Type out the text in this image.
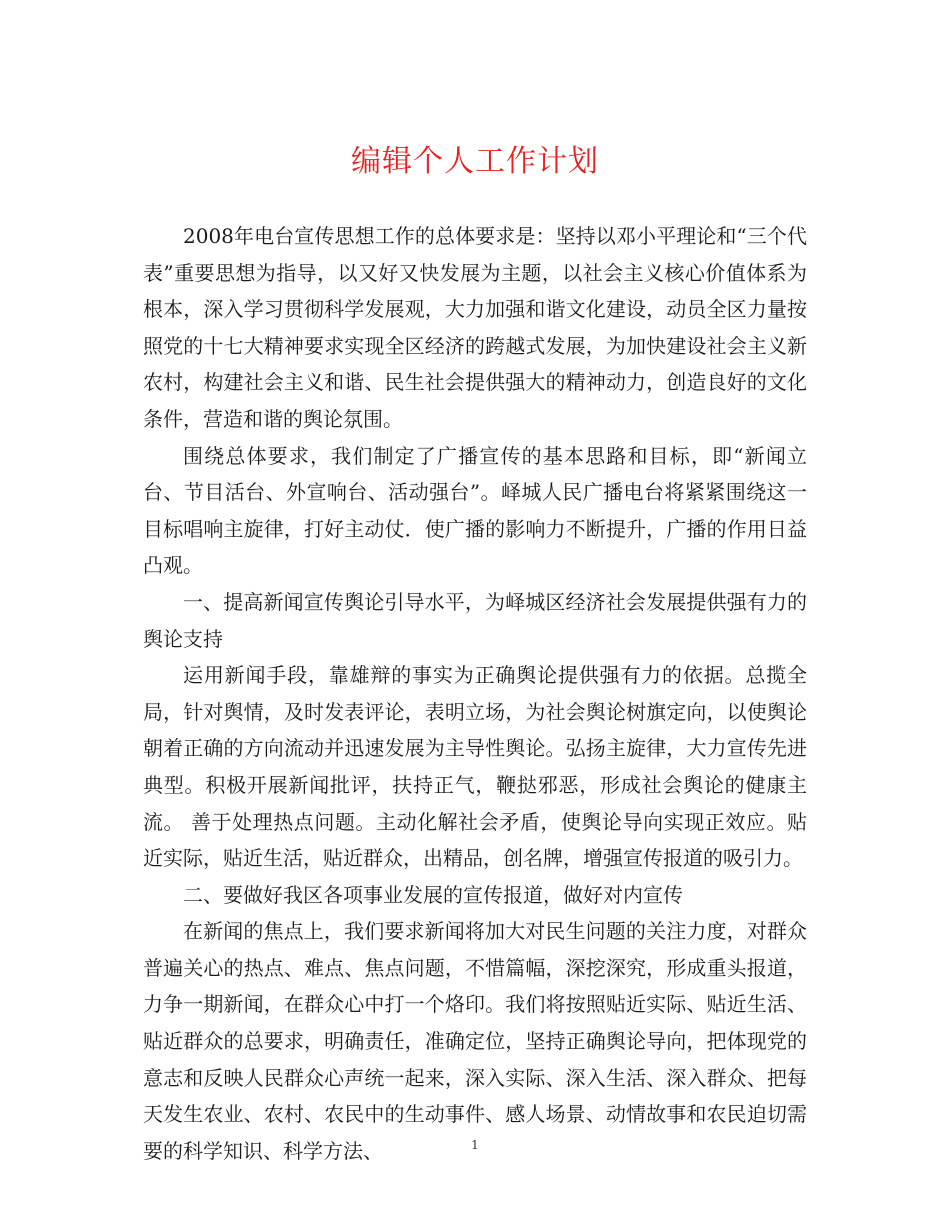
编辑个人工作计划

2008年电台宣传思想工作的总体要求是：坚持以邓小平理论和“三个代表”重要思想为指导，以又好又快发展为主题，以社会主义核心价值体系为根本，深入学习贯彻科学发展观，大力加强和谐文化建设，动员全区力量按照党的十七大精神要求实现全区经济的跨越式发展，为加快建设社会主义新农村，构建社会主义和谐、民生社会提供强大的精神动力，创造良好的文化条件，营造和谐的舆论氛围。

围绕总体要求，我们制定了广播宣传的基本思路和目标，即“新闻立台、节目活台、外宣响台、活动强台”。峄城人民广播电台将紧紧围绕这一目标唱响主旋律，打好主动仗．使广播的影响力不断提升，广播的作用日益凸观。

一、提高新闻宣传舆论引导水平，为峄城区经济社会发展提供强有力的舆论支持

运用新闻手段，靠雄辩的事实为正确舆论提供强有力的依据。总揽全局，针对舆情，及时发表评论，表明立场，为社会舆论树旗定向，以使舆论朝着正确的方向流动并迅速发展为主导性舆论。弘扬主旋律，大力宣传先进典型。积极开展新闻批评，扶持正气，鞭挞邪恶，形成社会舆论的健康主流。 善于处理热点问题。主动化解社会矛盾，使舆论导向实现正效应。贴近实际，贴近生活，贴近群众，出精品，创名牌，增强宣传报道的吸引力。

二、要做好我区各项事业发展的宣传报道，做好对内宣传

在新闻的焦点上，我们要求新闻将加大对民生问题的关注力度，对群众普遍关心的热点、难点、焦点问题，不惜篇幅，深挖深究，形成重头报道，力争一期新闻，在群众心中打一个烙印。我们将按照贴近实际、贴近生活、贴近群众的总要求，明确责任，准确定位，坚持正确舆论导向，把体现党的意志和反映人民群众心声统一起来，深入实际、深入生活、深入群众、把每天发生农业、农村、农民中的生动事件、感人场景、动情故事和农民迫切需要的科学知识、科学方法、	1
